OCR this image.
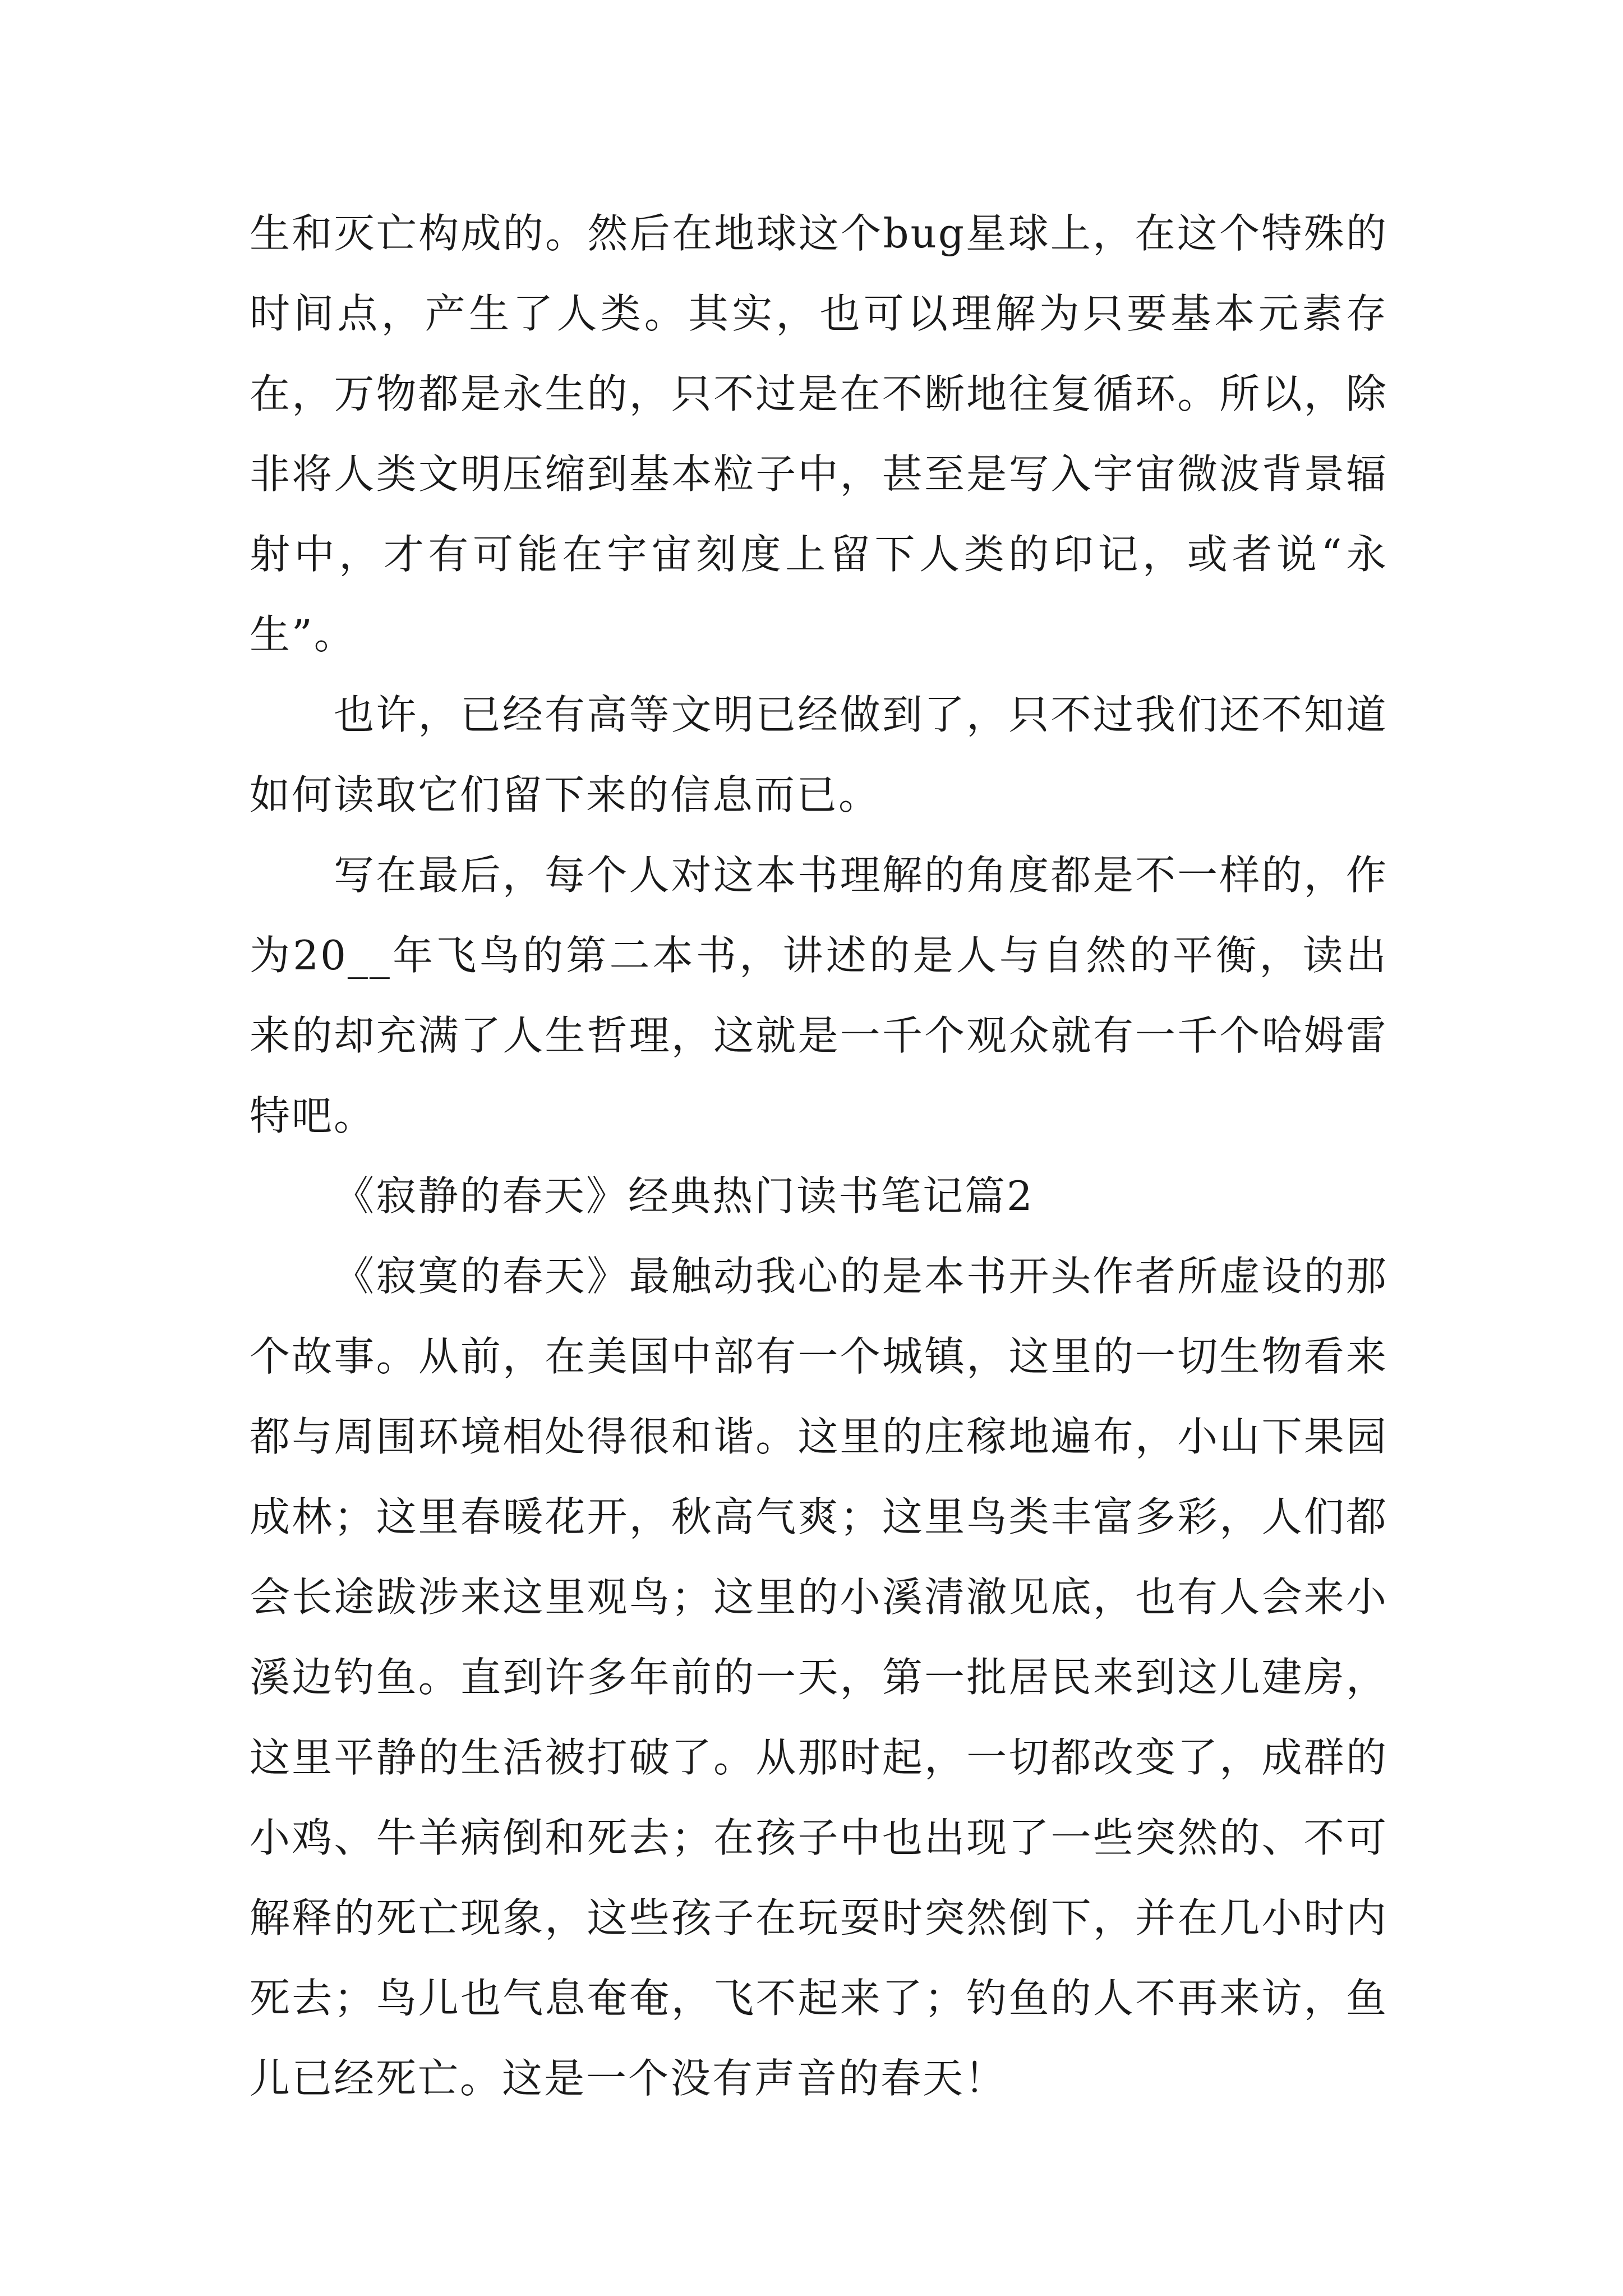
生和灭亡构成的。然后在地球这个bug星球上，在这个特殊的时间点，产生了人类。其实，也可以理解为只要基本元素存在，万物都是永生的，只不过是在不断地往复循环。所以，除非将人类文明压缩到基本粒子中，甚至是写入宇宙微波背景辐射中，才有可能在宇宙刻度上留下人类的印记，或者说“永生”。

也许，已经有高等文明已经做到了，只不过我们还不知道如何读取它们留下来的信息而已。

写在最后，每个人对这本书理解的角度都是不一样的，作为20__年飞鸟的第二本书，讲述的是人与自然的平衡，读出来的却充满了人生哲理，这就是一千个观众就有一千个哈姆雷特吧。

《寂静的春天》经典热门读书笔记篇2

《寂寞的春天》最触动我心的是本书开头作者所虚设的那个故事。从前，在美国中部有一个城镇，这里的一切生物看来都与周围环境相处得很和谐。这里的庄稼地遍布，小山下果园成林；这里春暖花开，秋高气爽；这里鸟类丰富多彩，人们都会长途跋涉来这里观鸟；这里的小溪清澈见底，也有人会来小溪边钓鱼。直到许多年前的一天，第一批居民来到这儿建房，这里平静的生活被打破了。从那时起，一切都改变了，成群的小鸡、牛羊病倒和死去；在孩子中也出现了一些突然的、不可解释的死亡现象，这些孩子在玩耍时突然倒下，并在几小时内死去；鸟儿也气息奄奄，飞不起来了；钓鱼的人不再来访，鱼儿已经死亡。这是一个没有声音的春天！
